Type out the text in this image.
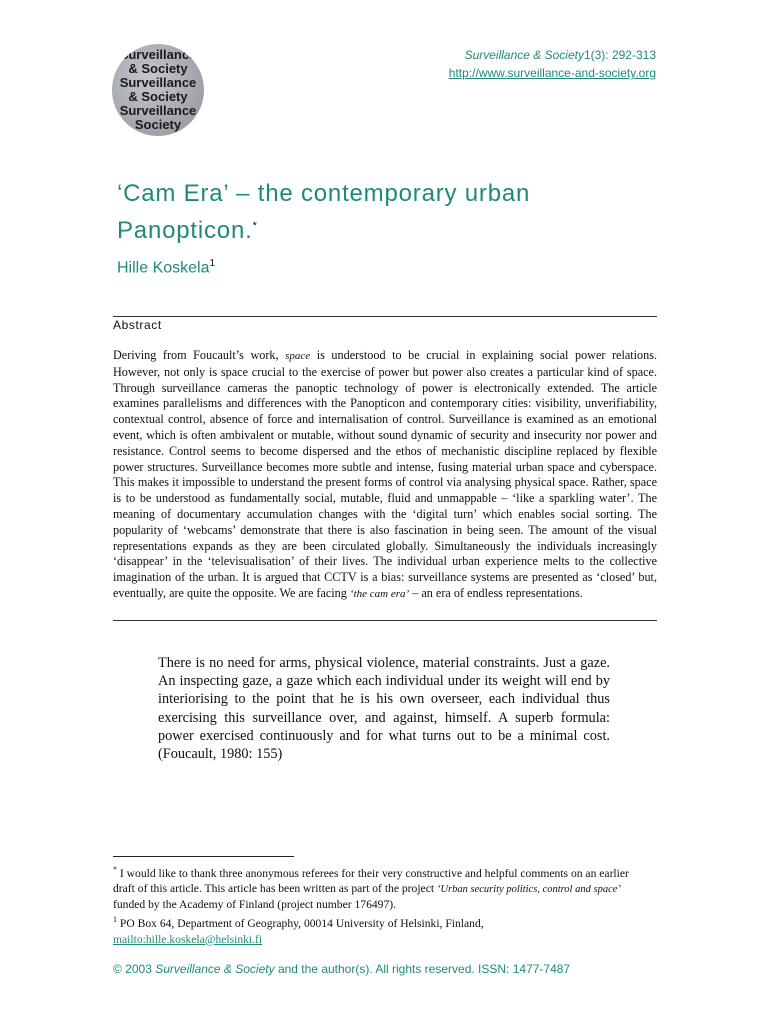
Surveillance
& Society
Surveillance
& Society
Surveillance
Society
Surveillance & Society1(3): 292-313
http://www.surveillance-and-society.org
‘Cam Era’ – the contemporary urban Panopticon.*
Hille Koskela$^1$
Abstract

Deriving from Foucault’s work, space is understood to be crucial in explaining social power relations. However, not only is space crucial to the exercise of power but power also creates a particular kind of space. Through surveillance cameras the panoptic technology of power is electronically extended. The article examines parallelisms and differences with the Panopticon and contemporary cities: visibility, unverifiability, contextual control, absence of force and internalisation of control. Surveillance is examined as an emotional event, which is often ambivalent or mutable, without sound dynamic of security and insecurity nor power and resistance. Control seems to become dispersed and the ethos of mechanistic discipline replaced by flexible power structures. Surveillance becomes more subtle and intense, fusing material urban space and cyberspace. This makes it impossible to understand the present forms of control via analysing physical space. Rather, space is to be understood as fundamentally social, mutable, fluid and unmappable – ‘like a sparkling water’. The meaning of documentary accumulation changes with the ‘digital turn’ which enables social sorting. The popularity of ‘webcams’ demonstrate that there is also fascination in being seen. The amount of the visual representations expands as they are been circulated globally. Simultaneously the individuals increasingly ‘disappear’ in the ‘televisualisation’ of their lives. The individual urban experience melts to the collective imagination of the urban. It is argued that CCTV is a bias: surveillance systems are presented as ‘closed’ but, eventually, are quite the opposite. We are facing ‘the cam era’ – an era of endless representations.

There is no need for arms, physical violence, material constraints. Just a gaze. An inspecting gaze, a gaze which each individual under its weight will end by interiorising to the point that he is his own overseer, each individual thus exercising this surveillance over, and against, himself. A superb formula: power exercised continuously and for what turns out to be a minimal cost. (Foucault, 1980: 155)

* I would like to thank three anonymous referees for their very constructive and helpful comments on an earlier draft of this article. This article has been written as part of the project ‘Urban security politics, control and space’ funded by the Academy of Finland (project number 176497).
$^1$ PO Box 64, Department of Geography, 00014 University of Helsinki, Finland,
mailto:hille.koskela@helsinki.fi

© 2003 Surveillance & Society and the author(s). All rights reserved. ISSN: 1477-7487
